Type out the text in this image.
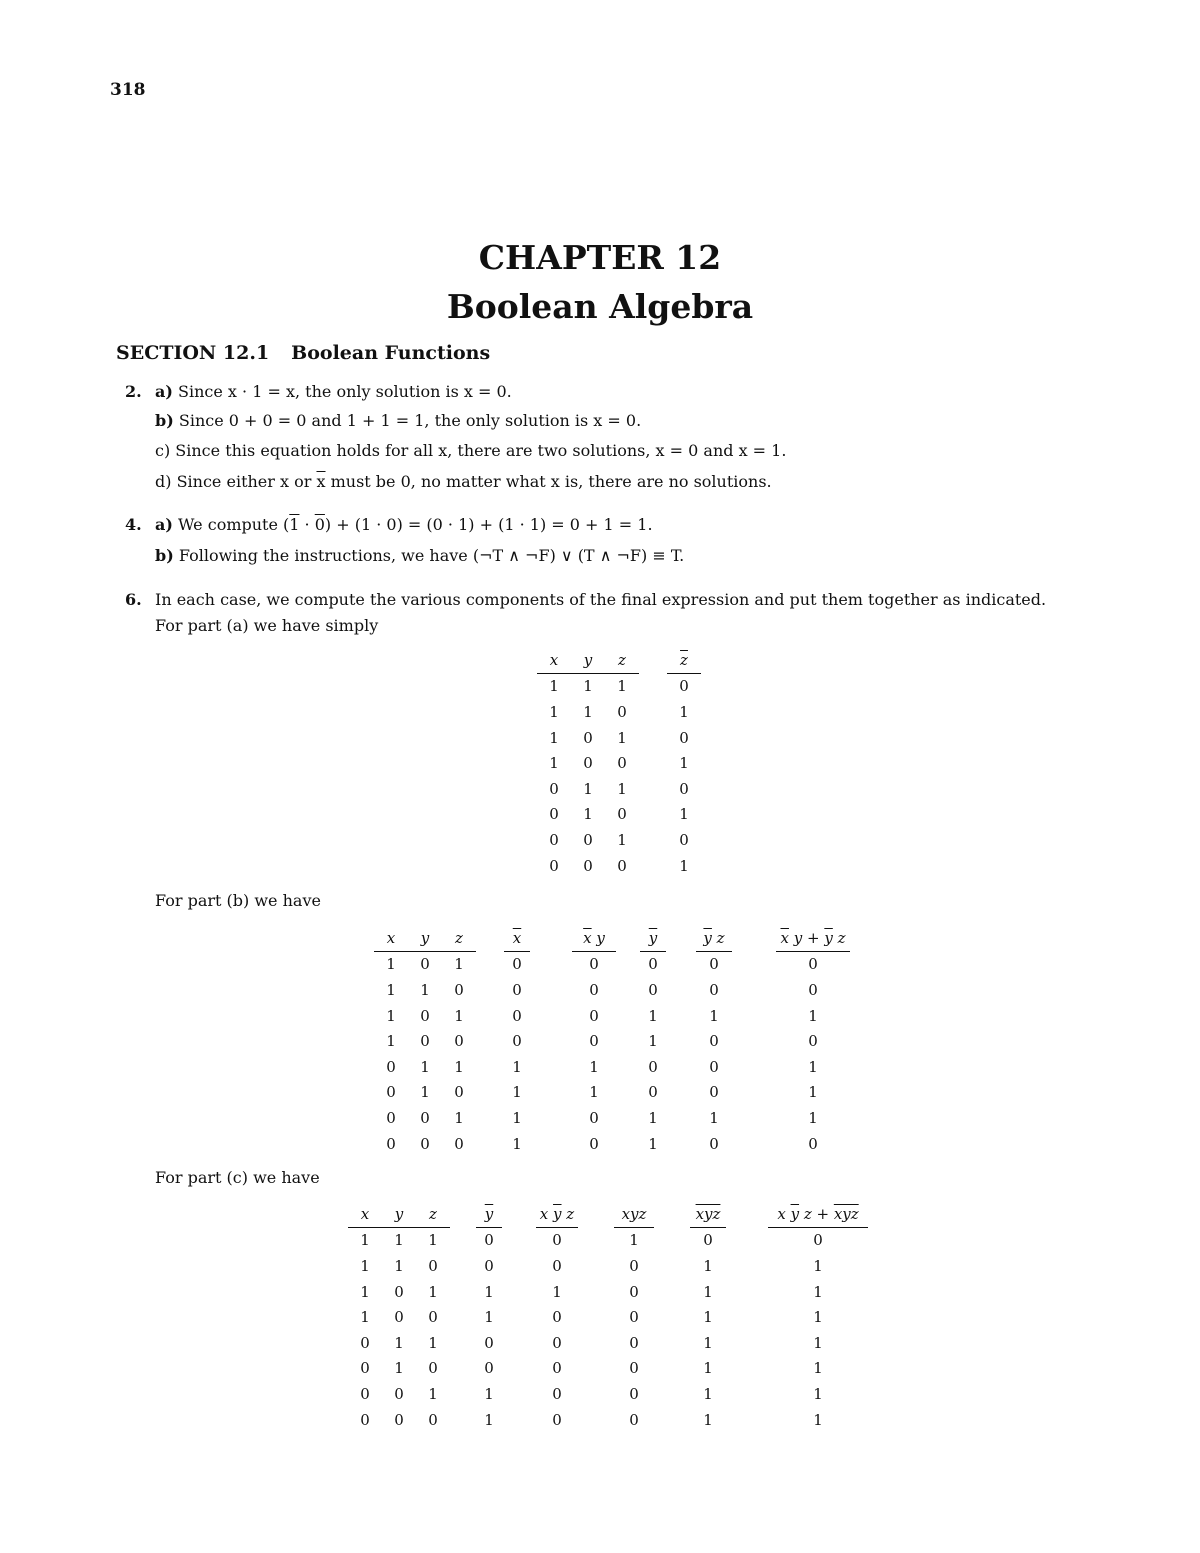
318
CHAPTER 12
Boolean Algebra
SECTION 12.1 Boolean Functions
2. a) Since x · 1 = x, the only solution is x = 0.
b) Since 0 + 0 = 0 and 1 + 1 = 1, the only solution is x = 0.
c) Since this equation holds for all x, there are two solutions, x = 0 and x = 1.
d) Since either x or $\overline{x}$ must be 0, no matter what x is, there are no solutions.
4. a) We compute (1 · 0) + (1 · 0) = (0 · 1) + (1 · 1) = 0 + 1 = 1.
b) Following the instructions, we have (¬T ∧ ¬F) ∨ (T ∧ ¬F) ≡ T.
6. In each case, we compute the various components of the final expression and put them together as indicated.
For part (a) we have simply
x	y	z		$\overline{z}$
1	1	1		0
1	1	0		1
1	0	1		0
1	0	0		1
0	1	1		0
0	1	0		1
0	0	1		0
0	0	0		1
For part (b) we have
x	y	z		$\overline{x}$		$\overline{x}$ y		$\overline{y}$		$\overline{y}$ z		$\overline{x}$ $y + \overline{y}$ z
1	0	1		0		0		0		0		0
1	1	0		0		0		0		0		0
1	0	1		0		0		1		1		1
1	0	0		0		0		1		0		0
0	1	1		1		1		0		0		1
0	1	0		1		1		0		0		1
0	0	1		1		0		1		1		1
0	0	0		1		0		1		0		0
For part (c) we have
x	y	z		$\overline{y}$		x $\overline{y}$ z		xyz		$\overline{xyz}$		x $\overline{y}$ $z + \overline{xyz}$
1	1	1		0		0		1		0		0
1	1	0		0		0		0		1		1
1	0	1		1		1		0		1		1
1	0	0		1		0		0		1		1
0	1	1		0		0		0		1		1
0	1	0		0		0		0		1		1
0	0	1		1		0		0		1		1
0	0	0		1		0		0		1		1
